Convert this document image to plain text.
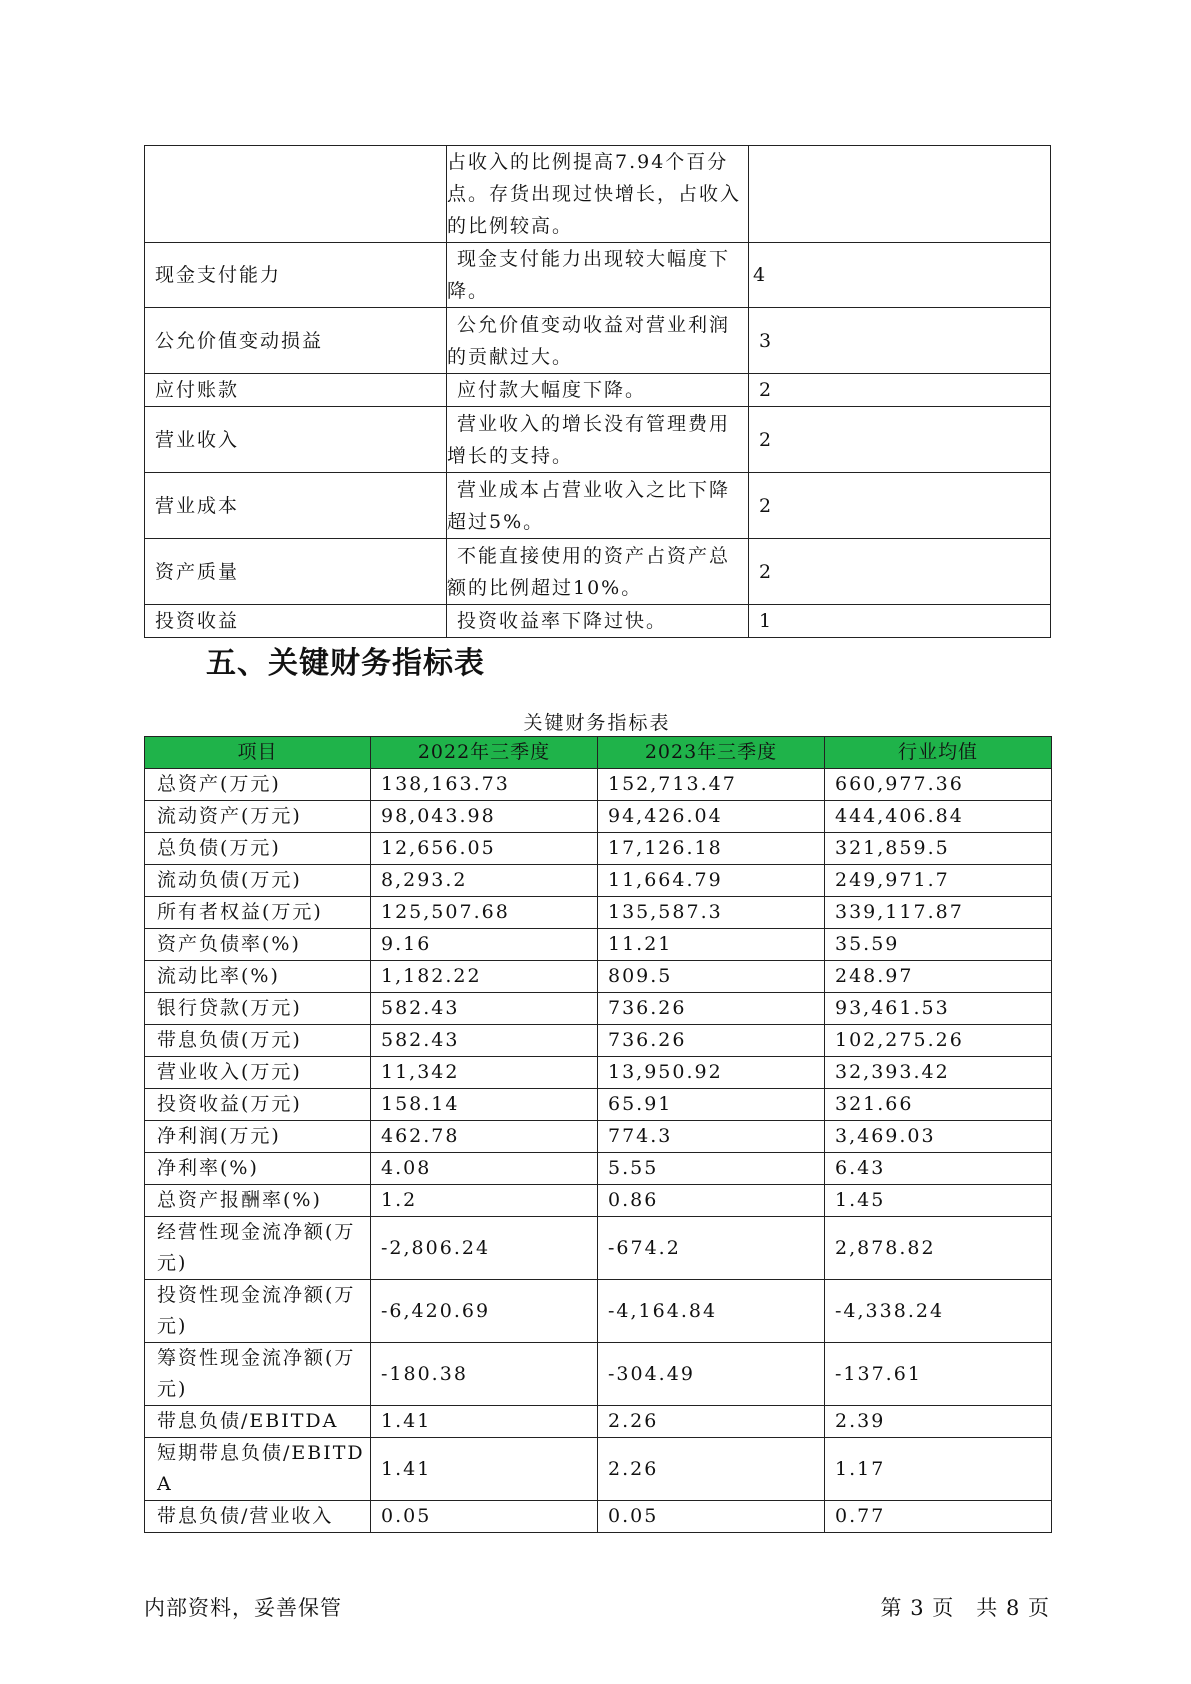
	占收入的比例提高7.94个百分点。存货出现过快增长，占收入的比例较高。	
现金支付能力	现金支付能力出现较大幅度下降。	4
公允价值变动损益	公允价值变动收益对营业利润的贡献过大。	3
应付账款	应付款大幅度下降。	2
营业收入	营业收入的增长没有管理费用增长的支持。	2
营业成本	营业成本占营业收入之比下降超过5%。	2
资产质量	不能直接使用的资产占资产总额的比例超过10%。	2
投资收益	投资收益率下降过快。	1
五、关键财务指标表
关键财务指标表
项目	2022年三季度	2023年三季度	行业均值
总资产(万元)	138,163.73	152,713.47	660,977.36
流动资产(万元)	98,043.98	94,426.04	444,406.84
总负债(万元)	12,656.05	17,126.18	321,859.5
流动负债(万元)	8,293.2	11,664.79	249,971.7
所有者权益(万元)	125,507.68	135,587.3	339,117.87
资产负债率(%)	9.16	11.21	35.59
流动比率(%)	1,182.22	809.5	248.97
银行贷款(万元)	582.43	736.26	93,461.53
带息负债(万元)	582.43	736.26	102,275.26
营业收入(万元)	11,342	13,950.92	32,393.42
投资收益(万元)	158.14	65.91	321.66
净利润(万元)	462.78	774.3	3,469.03
净利率(%)	4.08	5.55	6.43
总资产报酬率(%)	1.2	0.86	1.45
经营性现金流净额(万元)	-2,806.24	-674.2	2,878.82
投资性现金流净额(万元)	-6,420.69	-4,164.84	-4,338.24
筹资性现金流净额(万元)	-180.38	-304.49	-137.61
带息负债/EBITDA	1.41	2.26	2.39
短期带息负债/EBITDA	1.41	2.26	1.17
带息负债/营业收入	0.05	0.05	0.77
内部资料，妥善保管	第 3 页　共 8 页
